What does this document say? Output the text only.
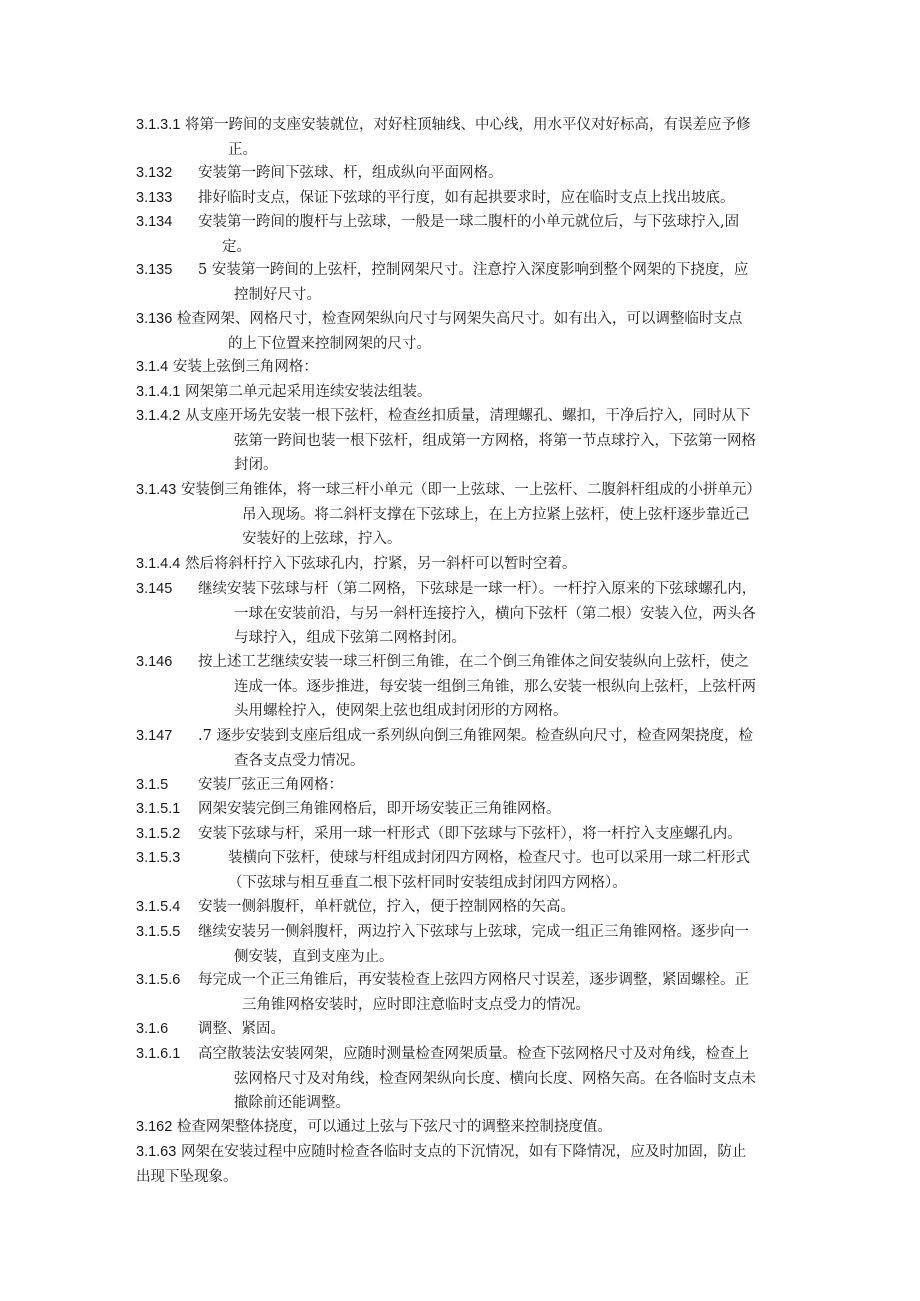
3.1.3.1 将第一跨间的支座安装就位，对好柱顶轴线、中心线，用水平仪对好标高，有误差应予修
正。
3.132 安装第一跨间下弦球、杆，组成纵向平面网格。
3.133 排好临时支点，保证下弦球的平行度，如有起拱要求时，应在临时支点上找出坡底。
3.134 安装第一跨间的腹杆与上弦球，一般是一球二腹杆的小单元就位后，与下弦球拧入,固
定。
3.135 5 安装第一跨间的上弦杆，控制网架尺寸。注意拧入深度影响到整个网架的下挠度，应
控制好尺寸。
3.136 检查网架、网格尺寸，检查网架纵向尺寸与网架失高尺寸。如有出入，可以调整临时支点
的上下位置来控制网架的尺寸。
3.1.4 安装上弦倒三角网格：
3.1.4.1 网架第二单元起采用连续安装法组装。
3.1.4.2 从支座开场先安装一根下弦杆，检查丝扣质量，清理螺孔、螺扣，干净后拧入，同时从下
弦第一跨间也装一根下弦杆，组成第一方网格，将第一节点球拧入，下弦第一网格
封闭。
3.1.43 安装倒三角锥体，将一球三杆小单元（即一上弦球、一上弦杆、二腹斜杆组成的小拼单元）
吊入现场。将二斜杆支撑在下弦球上，在上方拉紧上弦杆，使上弦杆逐步靠近己
安装好的上弦球，拧入。
3.1.4.4 然后将斜杆拧入下弦球孔内，拧紧，另一斜杆可以暂时空着。
3.145 继续安装下弦球与杆（第二网格，下弦球是一球一杆）。一杆拧入原来的下弦球螺孔内，
一球在安装前沿，与另一斜杆连接拧入，横向下弦杆（第二根）安装入位，两头各
与球拧入，组成下弦第二网格封闭。
3.146 按上述工艺继续安装一球三杆倒三角锥，在二个倒三角锥体之间安装纵向上弦杆，使之
连成一体。逐步推进，每安装一组倒三角锥，那么安装一根纵向上弦杆，上弦杆两
头用螺栓拧入，使网架上弦也组成封闭形的方网格。
3.147 .7 逐步安装到支座后组成一系列纵向倒三角锥网架。检查纵向尺寸，检查网架挠度，检
查各支点受力情况。
3.1.5 安装厂弦正三角网格：
3.1.5.1 网架安装完倒三角锥网格后，即开场安装正三角锥网格。
3.1.5.2 安装下弦球与杆，采用一球一杆形式（即下弦球与下弦杆），将一杆拧入支座螺孔内。
3.1.5.3	装横向下弦杆，使球与杆组成封闭四方网格，检查尺寸。也可以采用一球二杆形式
（下弦球与相互垂直二根下弦杆同时安装组成封闭四方网格）。
3.1.5.4 安装一侧斜腹杆，单杆就位，拧入，便于控制网格的矢高。
3.1.5.5 继续安装另一侧斜腹杆，两边拧入下弦球与上弦球，完成一组正三角锥网格。逐步向一
侧安装，直到支座为止。
3.1.5.6 每完成一个正三角锥后，再安装检查上弦四方网格尺寸误差，逐步调整，紧固螺栓。正
三角锥网格安装时，应时即注意临时支点受力的情况。
3.1.6 调整、紧固。
3.1.6.1 高空散装法安装网架，应随时测量检查网架质量。检查下弦网格尺寸及对角线，检查上
弦网格尺寸及对角线，检查网架纵向长度、横向长度、网格矢高。在各临时支点未
撤除前还能调整。
3.162 检查网架整体挠度，可以通过上弦与下弦尺寸的调整来控制挠度值。
3.1.63 网架在安装过程中应随时检查各临时支点的下沉情况，如有下降情况，应及时加固，防止
出现下坠现象。
